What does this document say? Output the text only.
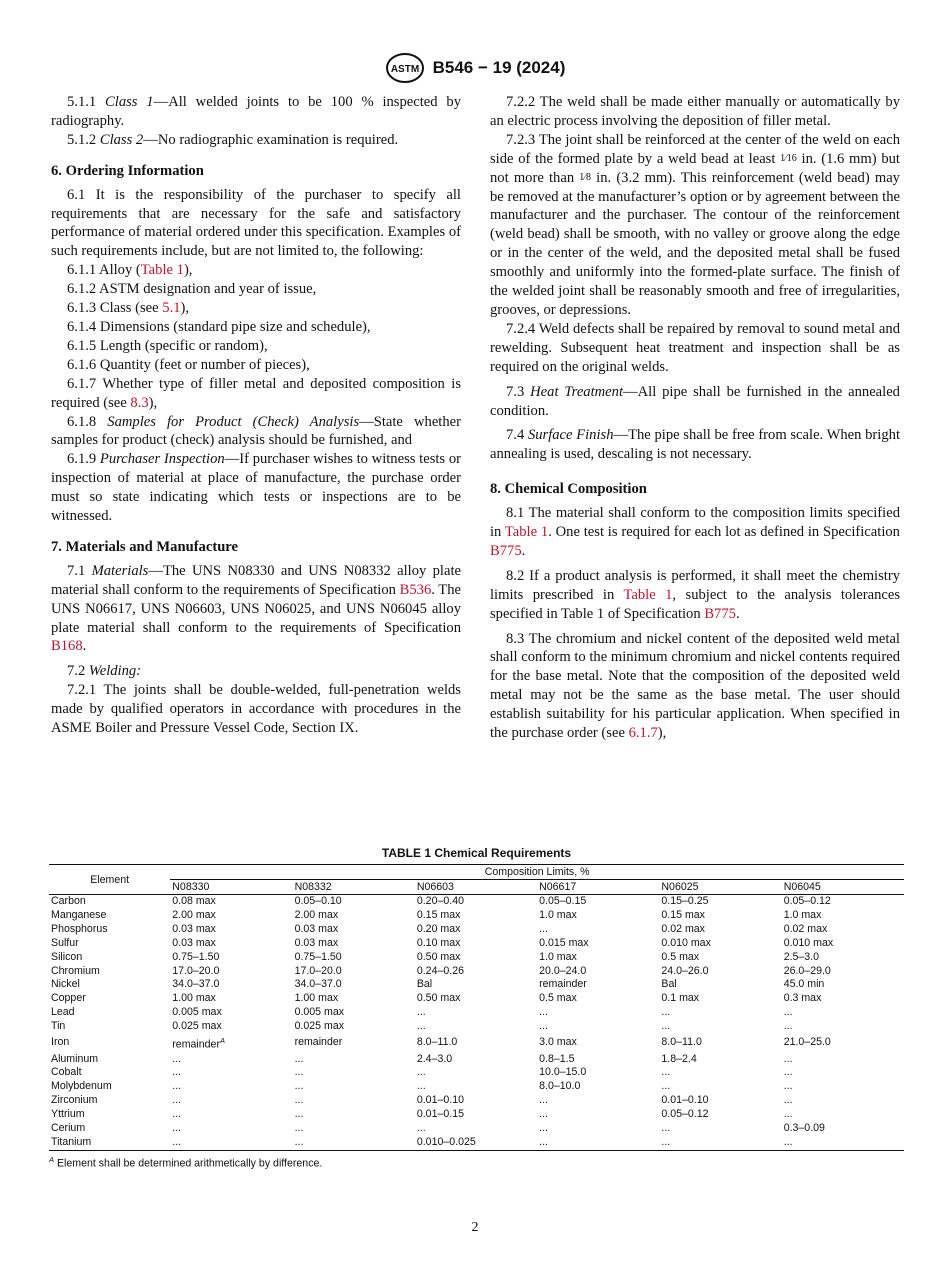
ASTM B546 − 19 (2024)

5.1.1 Class 1—All welded joints to be 100 % inspected by radiography.

5.1.2 Class 2—No radiographic examination is required.

6. Ordering Information

6.1 It is the responsibility of the purchaser to specify all requirements that are necessary for the safe and satisfactory performance of material ordered under this specification. Examples of such requirements include, but are not limited to, the following:

6.1.1 Alloy (Table 1),

6.1.2 ASTM designation and year of issue,

6.1.3 Class (see 5.1),

6.1.4 Dimensions (standard pipe size and schedule),

6.1.5 Length (specific or random),

6.1.6 Quantity (feet or number of pieces),

6.1.7 Whether type of filler metal and deposited composition is required (see 8.3),

6.1.8 Samples for Product (Check) Analysis—State whether samples for product (check) analysis should be furnished, and

6.1.9 Purchaser Inspection—If purchaser wishes to witness tests or inspection of material at place of manufacture, the purchase order must so state indicating which tests or inspections are to be witnessed.

7. Materials and Manufacture

7.1 Materials—The UNS N08330 and UNS N08332 alloy plate material shall conform to the requirements of Specification B536. The UNS N06617, UNS N06603, UNS N06025, and UNS N06045 alloy plate material shall conform to the requirements of Specification B168.

7.2 Welding:

7.2.1 The joints shall be double-welded, full-penetration welds made by qualified operators in accordance with procedures in the ASME Boiler and Pressure Vessel Code, Section IX.

7.2.2 The weld shall be made either manually or automatically by an electric process involving the deposition of filler metal.

7.2.3 The joint shall be reinforced at the center of the weld on each side of the formed plate by a weld bead at least 1⁄16 in. (1.6 mm) but not more than 1⁄8 in. (3.2 mm). This reinforcement (weld bead) may be removed at the manufacturer’s option or by agreement between the manufacturer and the purchaser. The contour of the reinforcement (weld bead) shall be smooth, with no valley or groove along the edge or in the center of the weld, and the deposited metal shall be fused smoothly and uniformly into the formed-plate surface. The finish of the welded joint shall be reasonably smooth and free of irregularities, grooves, or depressions.

7.2.4 Weld defects shall be repaired by removal to sound metal and rewelding. Subsequent heat treatment and inspection shall be as required on the original welds.

7.3 Heat Treatment—All pipe shall be furnished in the annealed condition.

7.4 Surface Finish—The pipe shall be free from scale. When bright annealing is used, descaling is not necessary.

8. Chemical Composition

8.1 The material shall conform to the composition limits specified in Table 1. One test is required for each lot as defined in Specification B775.

8.2 If a product analysis is performed, it shall meet the chemistry limits prescribed in Table 1, subject to the analysis tolerances specified in Table 1 of Specification B775.

8.3 The chromium and nickel content of the deposited weld metal shall conform to the minimum chromium and nickel contents required for the base metal. Note that the composition of the deposited weld metal may not be the same as the base metal. The user should establish suitability for his particular application. When specified in the purchase order (see 6.1.7),

TABLE 1 Chemical Requirements
Element	Composition Limits, %					
	N08330	N08332	N06603	N06617	N06025	N06045
Carbon	0.08 max	0.05–0.10	0.20–0.40	0.05–0.15	0.15–0.25	0.05–0.12
Manganese	2.00 max	2.00 max	0.15 max	1.0 max	0.15 max	1.0 max
Phosphorus	0.03 max	0.03 max	0.20 max	...	0.02 max	0.02 max
Sulfur	0.03 max	0.03 max	0.10 max	0.015 max	0.010 max	0.010 max
Silicon	0.75–1.50	0.75–1.50	0.50 max	1.0 max	0.5 max	2.5–3.0
Chromium	17.0–20.0	17.0–20.0	0.24–0.26	20.0–24.0	24.0–26.0	26.0–29.0
Nickel	34.0–37.0	34.0–37.0	Bal	remainder	Bal	45.0 min
Copper	1.00 max	1.00 max	0.50 max	0.5 max	0.1 max	0.3 max
Lead	0.005 max	0.005 max	...	...	...	...
Tin	0.025 max	0.025 max	...	...	...	...
Iron	remainder$^A$	remainder	8.0–11.0	3.0 max	8.0–11.0	21.0–25.0
Aluminum	...	...	2.4–3.0	0.8–1.5	1.8–2.4	...
Cobalt	...	...	...	10.0–15.0	...	...
Molybdenum	...	...	...	8.0–10.0	...	...
Zirconium	...	...	0.01–0.10	...	0.01–0.10	...
Yttrium	...	...	0.01–0.15	...	0.05–0.12	...
Cerium	...	...	...	...	...	0.3–0.09
Titanium	...	...	0.010–0.025	...	...	...
$^A$ Element shall be determined arithmetically by difference.
2
